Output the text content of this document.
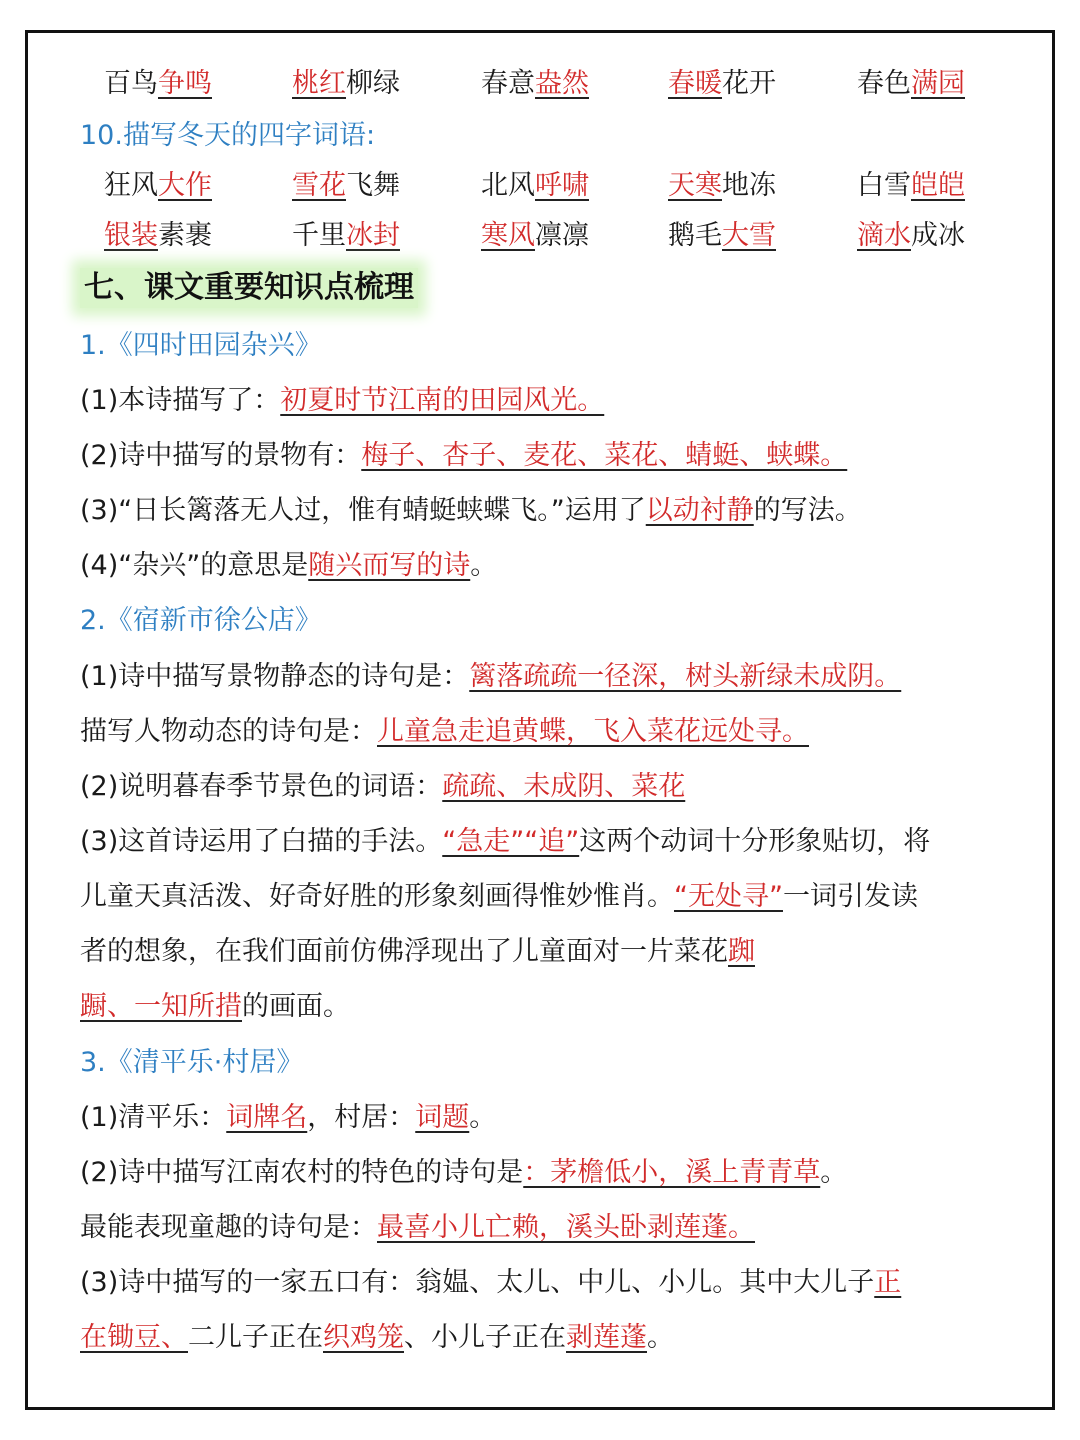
百鸟争鸣	桃红柳绿	春意盎然	春暖花开	春色满园
10.描写冬天的四字词语:
狂风大作	雪花飞舞	北风呼啸	天寒地冻	白雪皑皑
银装素裹	千里冰封	寒风凛凛	鹅毛大雪	滴水成冰
七、课文重要知识点梳理
1.《四时田园杂兴》
(1)本诗描写了：初夏时节江南的田园风光。
(2)诗中描写的景物有：梅子、杏子、麦花、菜花、蜻蜓、蛱蝶。
(3)“日长篱落无人过，惟有蜻蜓蛱蝶飞。”运用了以动衬静的写法。
(4)“杂兴”的意思是随兴而写的诗。
2.《宿新市徐公店》
(1)诗中描写景物静态的诗句是：篱落疏疏一径深，树头新绿未成阴。
描写人物动态的诗句是：儿童急走追黄蝶，飞入菜花远处寻。
(2)说明暮春季节景色的词语：疏疏、未成阴、菜花
(3)这首诗运用了白描的手法。“急走”“追”这两个动词十分形象贴切，将
儿童天真活泼、好奇好胜的形象刻画得惟妙惟肖。“无处寻”一词引发读
者的想象，在我们面前仿佛浮现出了儿童面对一片菜花踟
蹰、一知所措的画面。
3.《清平乐·村居》
(1)清平乐：词牌名，村居：词题。
(2)诗中描写江南农村的特色的诗句是：茅檐低小，溪上青青草。
最能表现童趣的诗句是：最喜小儿亡赖，溪头卧剥莲蓬。
(3)诗中描写的一家五口有：翁媪、太儿、中儿、小儿。其中大儿子正
在锄豆、二儿子正在织鸡笼、小儿子正在剥莲蓬。
